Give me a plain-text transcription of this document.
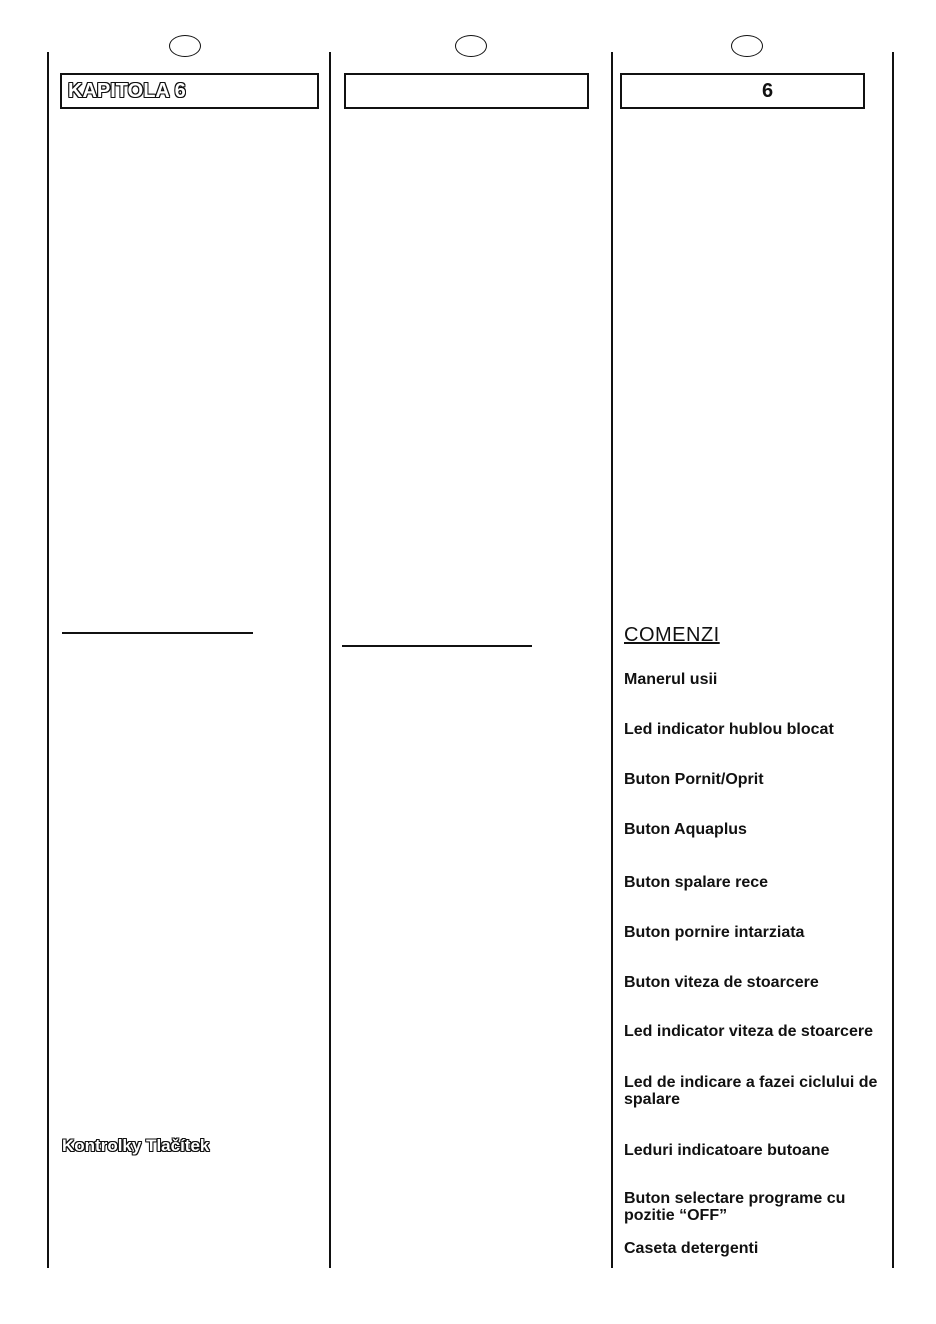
KAPITOLA 6
Kontrolky Tlačítek
6
COMENZI

Manerul usii

Led indicator hublou blocat

Buton Pornit/Oprit

Buton Aquaplus

Buton spalare rece

Buton pornire intarziata

Buton viteza de stoarcere

Led indicator viteza de stoarcere

Led de indicare a fazei ciclului de spalare

Leduri indicatoare butoane

Buton selectare programe cu pozitie “OFF”

Caseta detergenti
